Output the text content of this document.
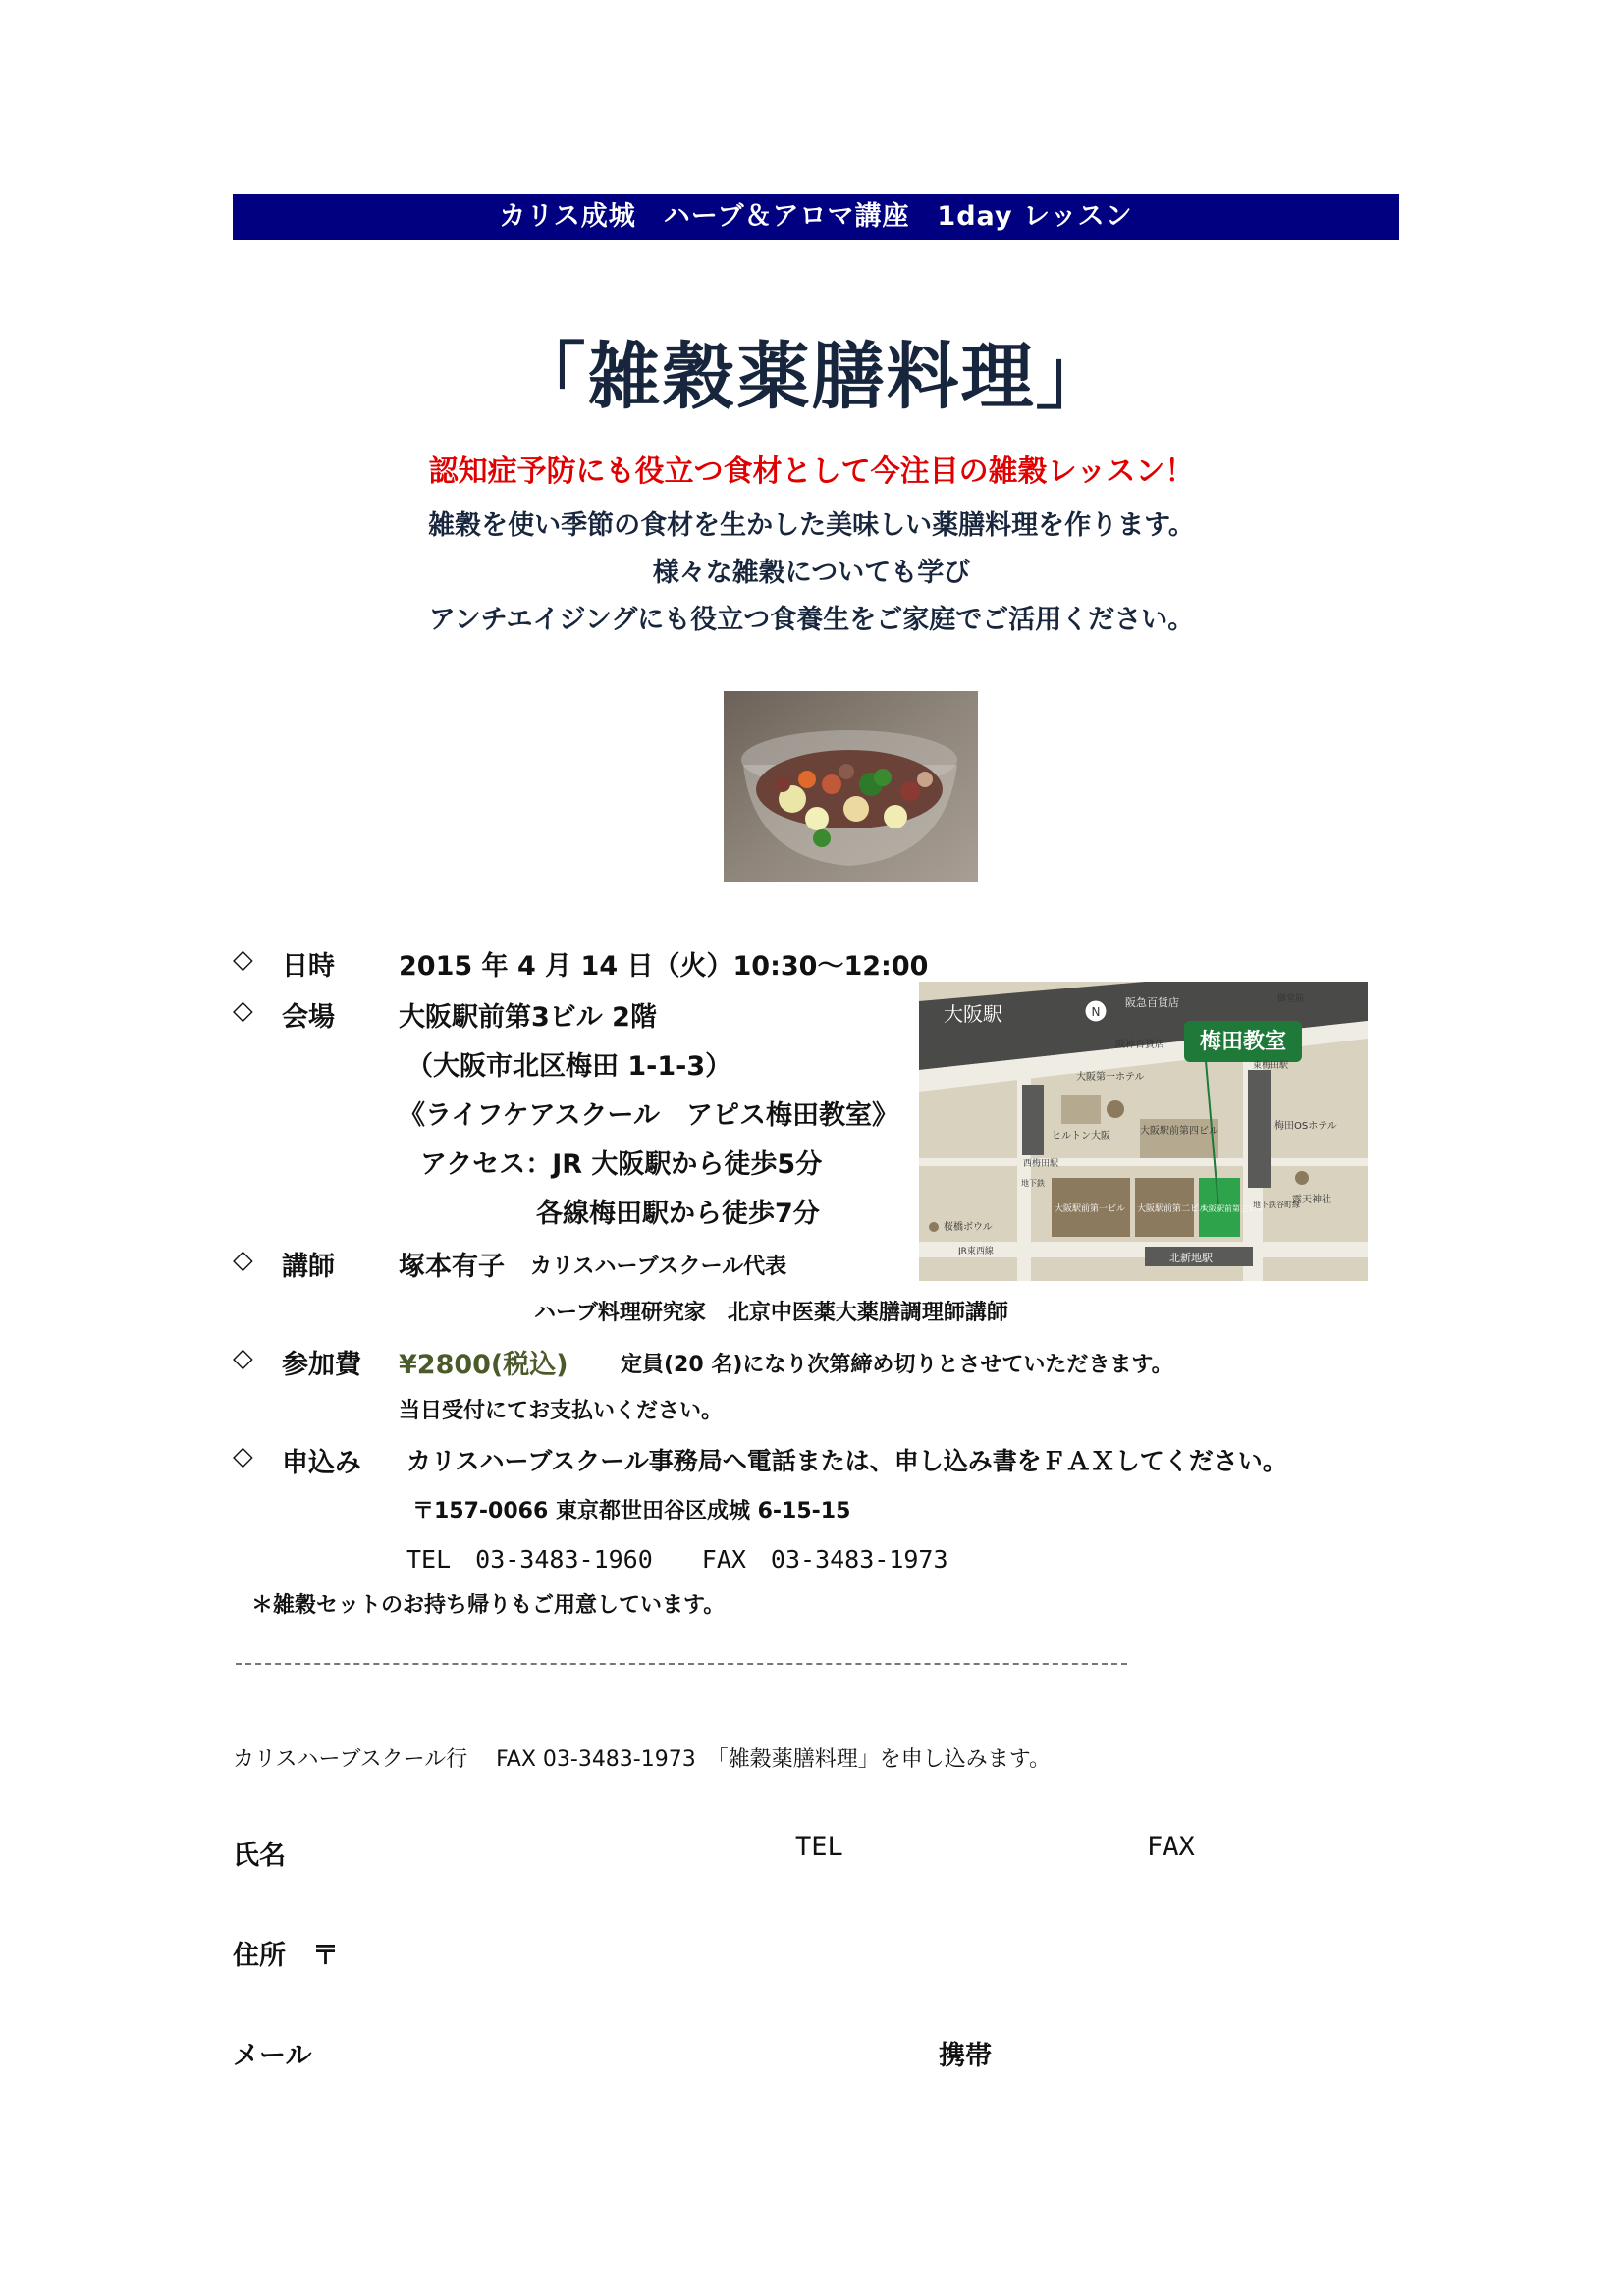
カリス成城　ハーブ＆アロマ講座　1day レッスン
「雑穀薬膳料理」
認知症予防にも役立つ食材として今注目の雑穀レッスン！
雑穀を使い季節の食材を生かした美味しい薬膳料理を作ります。
様々な雑穀についても学び
アンチエイジングにも役立つ食養生をご家庭でご活用ください。
◇ 日時 2015 年 4 月 14 日（火）10:30～12:00
◇ 会場 大阪駅前第3ビル 2階
（大阪市北区梅田 1-1-3）
《ライフケアスクール　アピス梅田教室》
アクセス：JR 大阪駅から徒歩5分
各線梅田駅から徒歩7分
◇ 講師 塚本有子 カリスハーブスクール代表
ハーブ料理研究家　北京中医薬大薬膳調理師講師
◇ 参加費 ¥2800(税込) 定員(20 名)になり次第締め切りとさせていただきます。
当日受付にてお支払いください。
◇ 申込み カリスハーブスクール事務局へ電話または、申し込み書をＦＡＸしてください。
〒157-0066 東京都世田谷区成城 6-15-15
TEL　03-3483-1960　　FAX　03-3483-1973
＊雑穀セットのお持ち帰りもご用意しています。
梅田教室
N
大阪駅	阪急百貨店
阪神百貨店
大阪第一ホテル
大阪駅前第四ビル
ヒルトン大阪
西梅田駅
東梅田駅
御堂筋
梅田OSホテル
露天神社
大阪駅前第一ビル 大阪駅前第二ビル
大阪駅前第三ビル
桜橋ボウル
JR東西線	北新地駅
地下鉄
地下鉄谷町線
カリスハーブスクール行　 FAX 03-3483-1973　「雑穀薬膳料理」を申し込みます。
氏名	TEL	FAX
住所　〒
メール	携帯
